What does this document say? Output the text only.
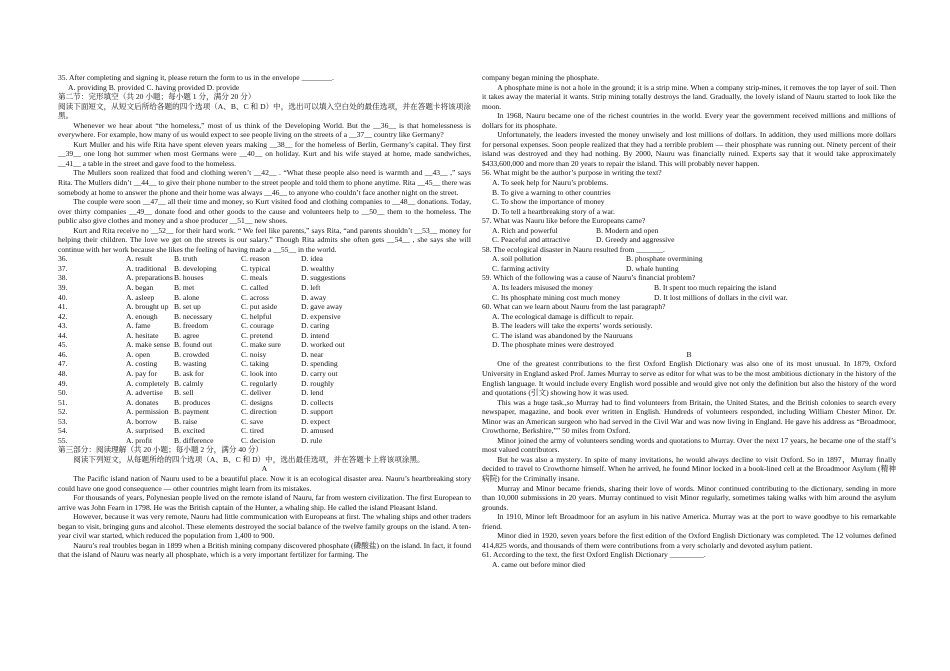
35. After completing and signing it, please return the form to us in the envelope ________.

A. providing B. provided C. having provided D. provide

第二节：完形填空（共 20 小题；每小题 1 分，满分 20 分）

阅读下面短文，从短文后所给各题的四个选项（A、B、C 和 D）中，选出可以填入空白处的最佳选项，并在答题卡将该项涂黑。

Whenever we hear about “the homeless,” most of us think of the Developing World. But the __36__ is that homelessness is everywhere. For example, how many of us would expect to see people living on the streets of a __37__ country like Germany?

Kurt Muller and his wife Rita have spent eleven years making __38__ for the homeless of Berlin, Germany’s capital. They first __39__ one long hot summer when most Germans were __40__ on holiday. Kurt and his wife stayed at home, made sandwiches, __41__ a table in the street and gave food to the homeless.

The Mullers soon realized that food and clothing weren’t __42__ . “What these people also need is warmth and __43__ ,” says Rita. The Mullers didn’t __44__ to give their phone number to the street people and told them to phone anytime. Rita __45__ there was somebody at home to answer the phone and their home was always __46__ to anyone who couldn’t face another night on the street.

The couple were soon __47__ all their time and money, so Kurt visited food and clothing companies to __48__ donations. Today, over thirty companies __49__ donate food and other goods to the cause and volunteers help to __50__ them to the homeless. The public also give clothes and money and a shoe producer __51__ new shoes.

Kurt and Rita receive no __52__ for their hard work. “ We feel like parents,” says Rita, “and parents shouldn’t __53__ money for helping their children. The love we get on the streets is our salary.” Though Rita admits she often gets __54__ , she says she will continue with her work because she likes the feeling of having made a __55__ in the world.

36.	A. result	B. truth	C. reason	D. idea
37.	A. traditional B. developing	C. typical	D. wealthy
38.	A. preparations B. houses	C. meals	D. suggestions
39.	A. began	B. met	C. called	D. left
40.	A. asleep	B. alone	C. across	D. away
41.	A. brought up B. set up	C. put aside	D. gave away
42.	A. enough	B. necessary	C. helpful	D. expensive
43.	A. fame	B. freedom	C. courage	D. caring
44.	A. hesitate	B. agree	C. pretend	D. intend
45.	A. make sense B. found out	C. make sure	D. worked out
46.	A. open	B. crowded	C. noisy	D. near
47.	A. costing	B. wasting	C. taking	D. spending
48.	A. pay for	B. ask for	C. look into	D. carry out
49.	A. completely B. calmly	C. regularly	D. roughly
50.	A. advertise	B. sell	C. deliver	D. lend
51.	A. donates	B. produces	C. designs	D. collects
52.	A. permission B. payment	C. direction	D. support
53.	A. borrow	B. raise	C. save	D. expect
54.	A. surprised	B. excited	C. tired	D. amused
55.	A. profit	B. difference	C. decision	D. rule

第三部分：阅读理解（共 20 小题；每小题 2 分，满分 40 分）

阅读下列短文，从每题所给的四个选项（A、B、C 和 D）中，选出最佳选项，并在答题卡上将该项涂黑。

A

The Pacific island nation of Nauru used to be a beautiful place. Now it is an ecological disaster area. Nauru’s heartbreaking story could have one good consequence — other countries might learn from its mistakes.

For thousands of years, Polynesian people lived on the remote island of Nauru, far from western civilization. The first European to arrive was John Fearn in 1798. He was the British captain of the Hunter, a whaling ship. He called the island Pleasant Island.

However, because it was very remote, Nauru had little communication with Europeans at first. The whaling ships and other traders began to visit, bringing guns and alcohol. These elements destroyed the social balance of the twelve family groups on the island. A ten-year civil war started, which reduced the population from 1,400 to 900.

Nauru’s real troubles began in 1899 when a British mining company discovered phosphate (磷酸盐) on the island. In fact, it found that the island of Nauru was nearly all phosphate, which is a very important fertilizer for farming. The

company began mining the phosphate.

A phosphate mine is not a hole in the ground; it is a strip mine. When a company strip-mines, it removes the top layer of soil. Then it takes away the material it wants. Strip mining totally destroys the land. Gradually, the lovely island of Nauru started to look like the moon.

In 1968, Nauru became one of the richest countries in the world. Every year the government received millions and millions of dollars for its phosphate.

Unfortunately, the leaders invested the money unwisely and lost millions of dollars. In addition, they used millions more dollars for personal expenses. Soon people realized that they had a terrible problem — their phosphate was running out. Ninety percent of their island was destroyed and they had nothing. By 2000, Nauru was financially ruined. Experts say that it would take approximately $433,600,000 and more than 20 years to repair the island. This will probably never happen.

56. What might be the author’s purpose in writing the text?

A. To seek help for Nauru’s problems.

B. To give a warning to other countries

C. To show the importance of money

D. To tell a heartbreaking story of a war.

57. What was Nauru like before the Europeans came?

A. Rich and powerful	B. Modern and open
C. Peaceful and attractive	D. Greedy and aggressive

58. The ecological disaster in Nauru resulted from _______.

A. soil pollution	B. phosphate overmining
C. farming activity	D. whale hunting

59. Which of the following was a cause of Nauru’s financial problem?

A. Its leaders misused the money	B. It spent too much repairing the island
C. Its phosphate mining cost much money	D. It lost millions of dollars in the civil war.

60. What can we learn about Nauru from the last paragraph?

A. The ecological damage is difficult to repair.

B. The leaders will take the experts’ words seriously.

C. The island was abandoned by the Nauruans

D. The phosphate mines were destroyed

B

One of the greatest contributions to the first Oxford English Dictionary was also one of its most unusual. In 1879, Oxford University in England asked Prof. James Murray to serve as editor for what was to be the most ambitious dictionary in the history of the English language. It would include every English word possible and would give not only the definition but also the history of the word and quotations (引文) showing how it was used.

This was a huge task.,so Murray had to find volunteers from Britain, the United States, and the British colonies to search every newspaper, magazine, and book ever written in English. Hundreds of volunteers responded, including William Chester Minor. Dr. Minor was an American surgeon who had served in the Civil War and was now living in England. He gave his address as “Broadmoor, Crowthorne, Berkshire,”” 50 miles from Oxford.

Minor joined the army of volunteers sending words and quotations to Murray. Over the next 17 years, he became one of the staff’s most valued contributors.

But he was also a mystery. In spite of many invitations, he would always decline to visit Oxford. So in 1897，Murray finally decided to travel to Crowthorne himself. When he arrived, he found Minor locked in a book-lined cell at the Broadmoor Asylum (精神病院) for the Criminally insane.

Murray and Minor became friends, sharing their love of words. Minor continued contributing to the dictionary, sending in more than 10,000 submissions in 20 years. Murray continued to visit Minor regularly, sometimes taking walks with him around the asylum grounds.

In 1910, Minor left Broadmoor for an asylum in his native America. Murray was at the port to wave goodbye to his remarkable friend.

Minor died in 1920, seven years before the first edition of the Oxford English Dictionary was completed. The 12 volumes defined 414,825 words, and thousands of them were contributions from a very scholarly and devoted asylum patient.

61. According to the text, the first Oxford English Dictionary _________.

A. came out before minor died
